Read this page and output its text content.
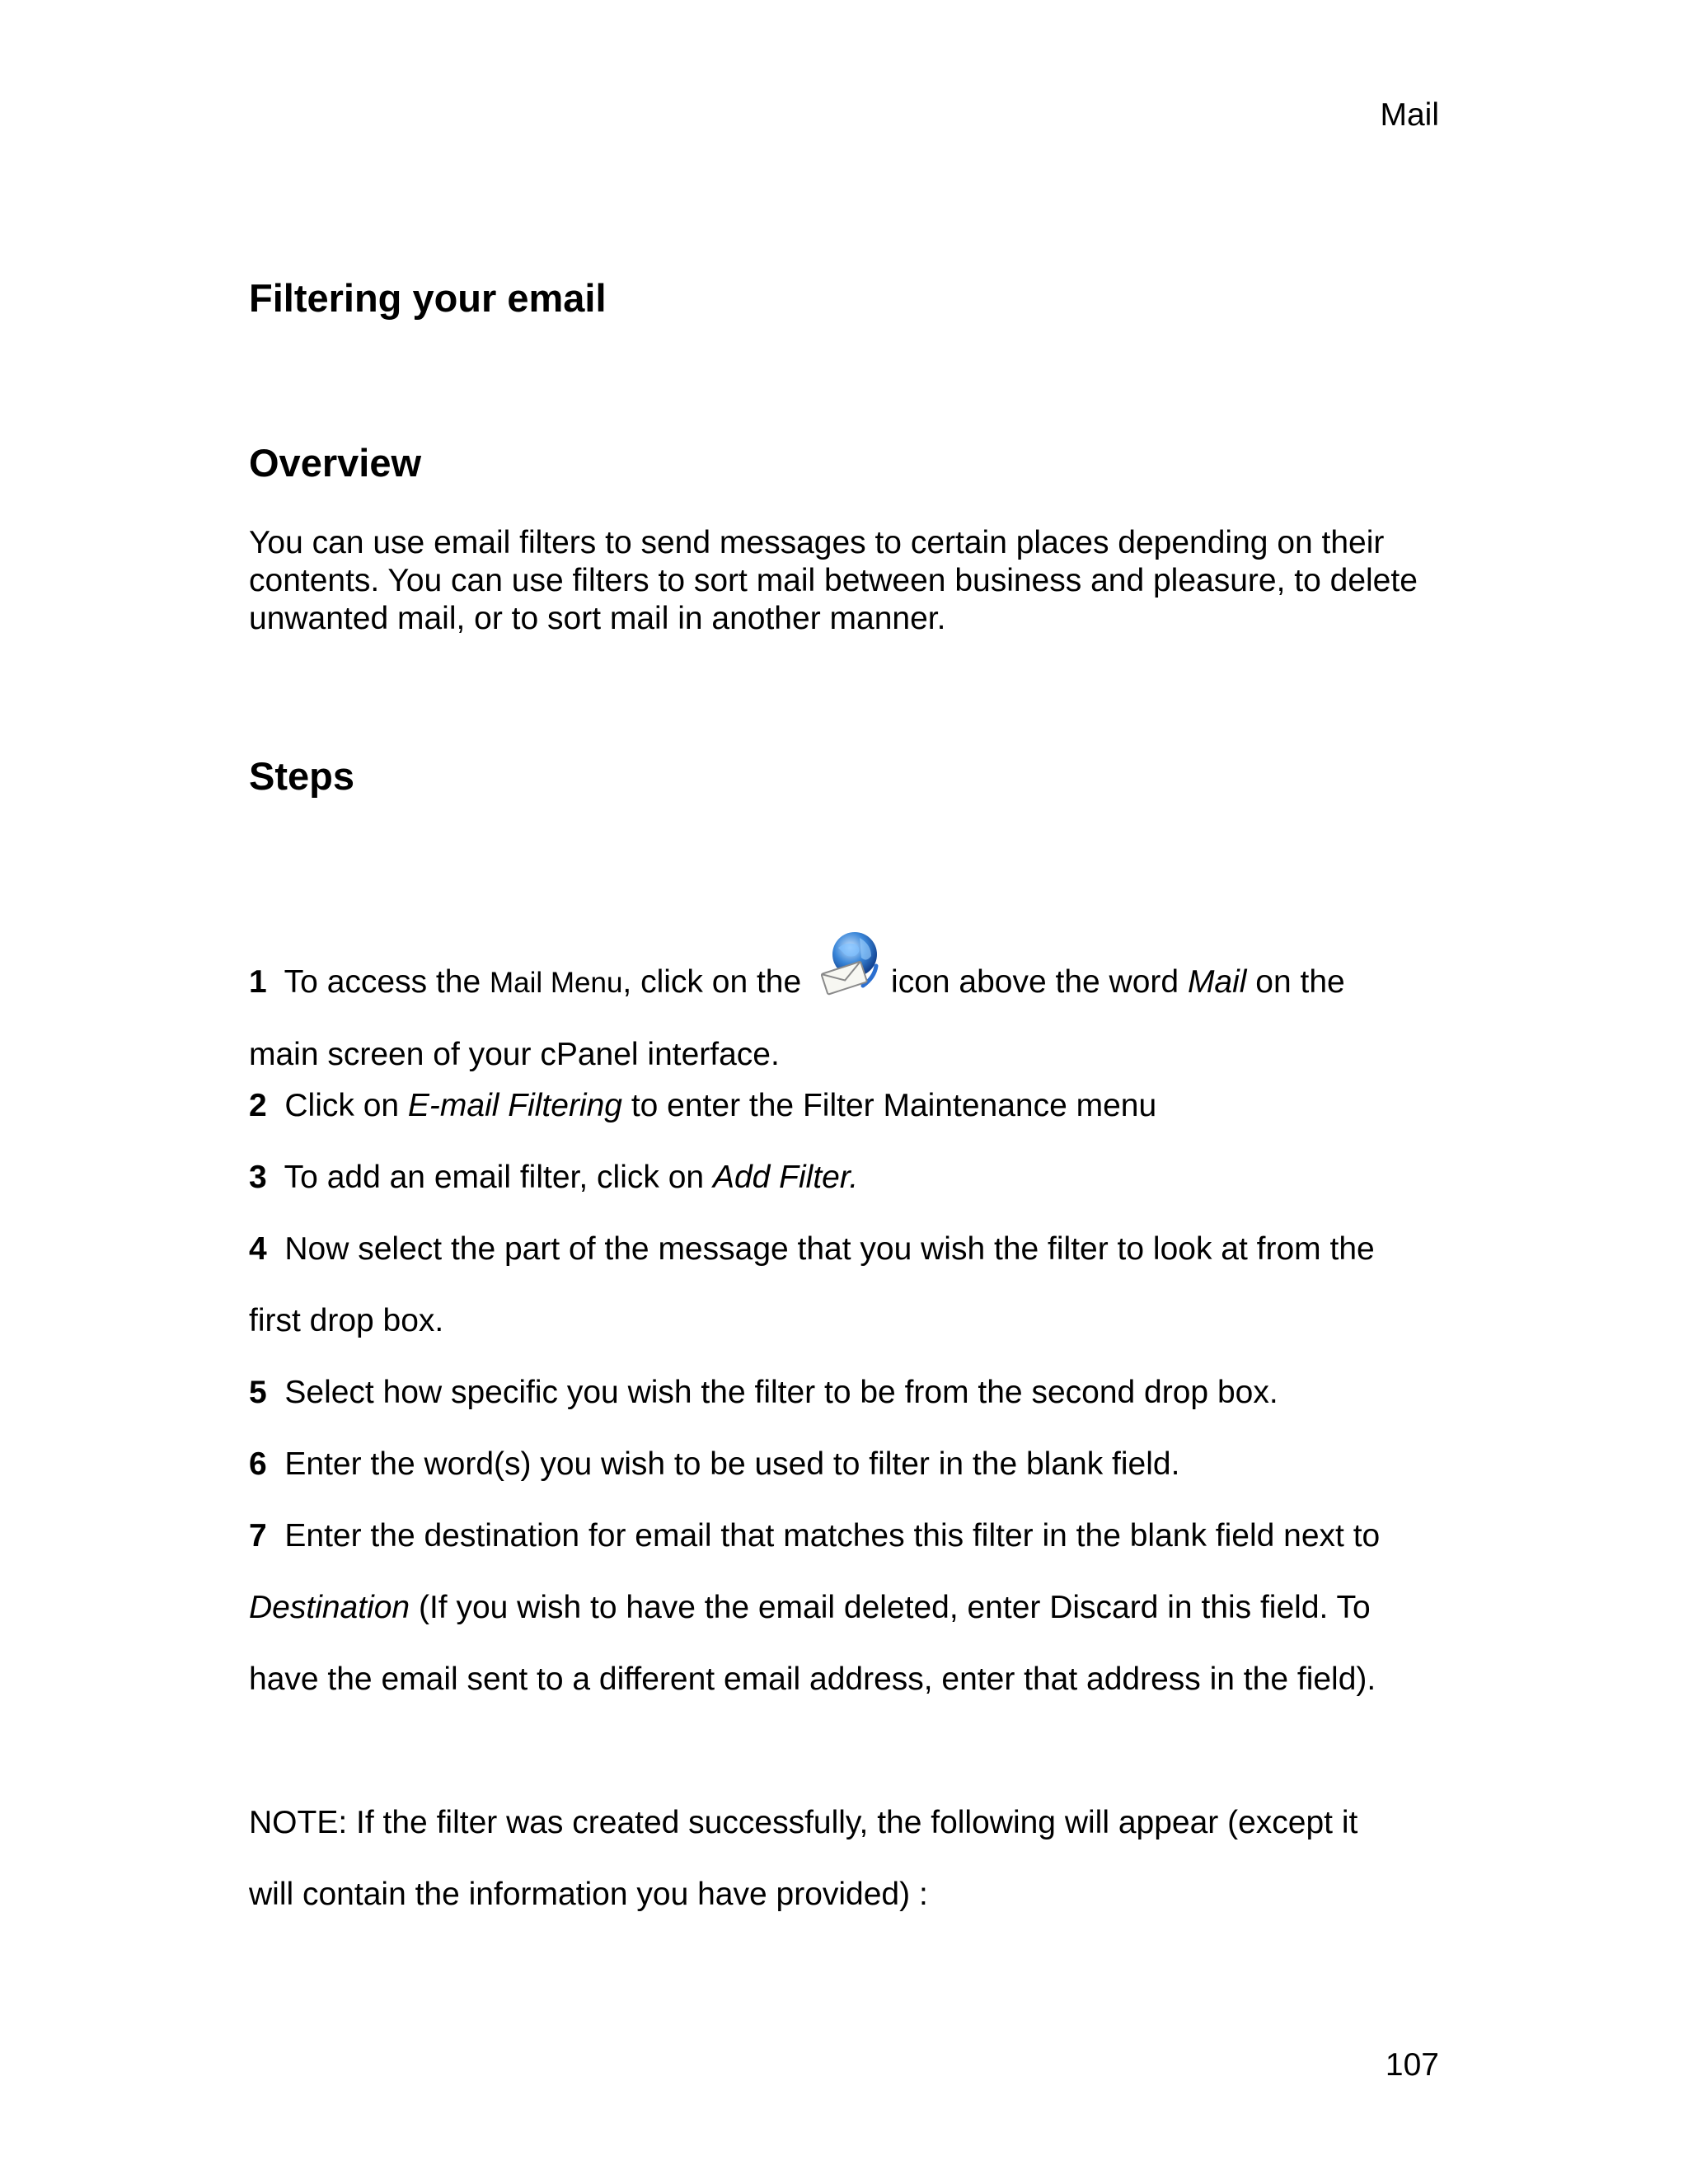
Mail
Filtering your email
Overview

You can use email filters to send messages to certain places depending on their contents. You can use filters to sort mail between business and pleasure, to delete unwanted mail, or to sort mail in another manner.

Steps
1 To access the Mail Menu, click on the	icon above the word Mail on the
main screen of your cPanel interface.
2 Click on E-mail Filtering to enter the Filter Maintenance menu
3 To add an email filter, click on Add Filter.
4 Now select the part of the message that you wish the filter to look at from the
first drop box.
5 Select how specific you wish the filter to be from the second drop box.
6 Enter the word(s) you wish to be used to filter in the blank field.
7 Enter the destination for email that matches this filter in the blank field next to
Destination (If you wish to have the email deleted, enter Discard in this field. To
have the email sent to a different email address, enter that address in the field).
NOTE: If the filter was created successfully, the following will appear (except it
will contain the information you have provided) :
107
